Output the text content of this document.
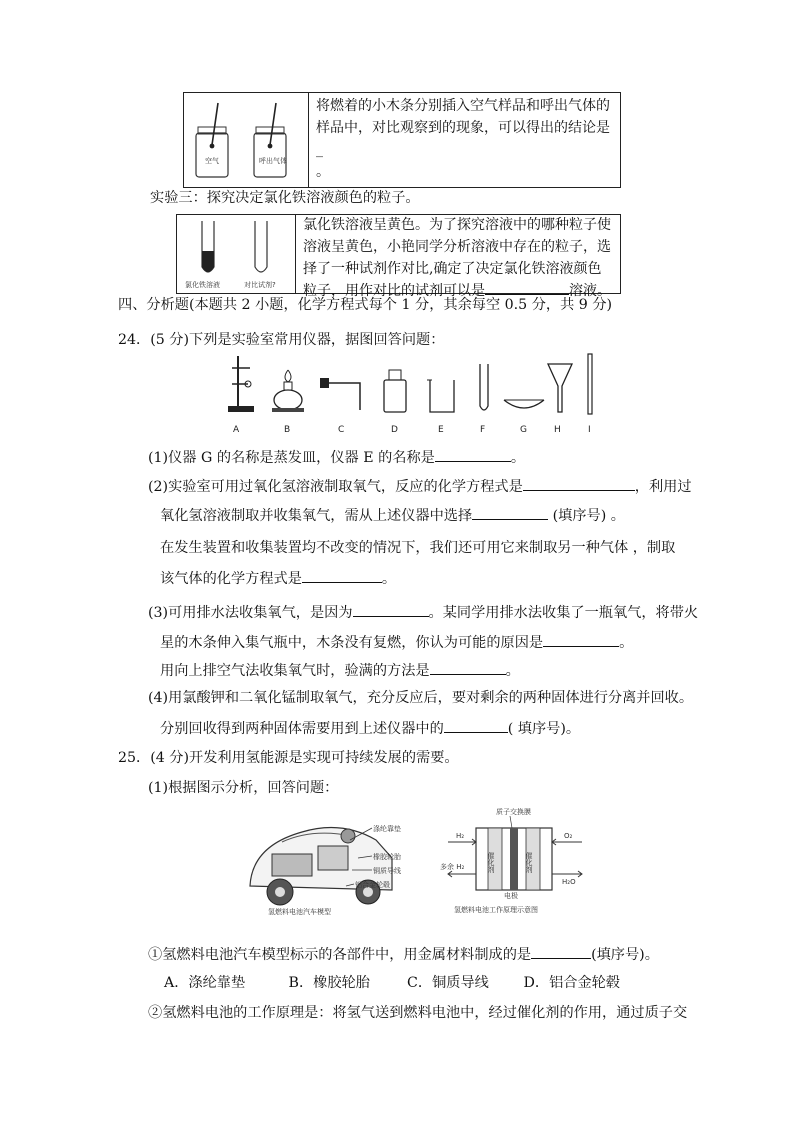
空气	呼出气体
将燃着的小木条分别插入空气样品和呼出气体的
样品中，对比观察到的现象，可以得出的结论是_
。
实验三：探究决定氯化铁溶液颜色的粒子。
氯化铁溶液	对比试剂?
氯化铁溶液呈黄色。为了探究溶液中的哪种粒子使
溶液呈黄色，小艳同学分析溶液中存在的粒子，选
择了一种试剂作对比,确定了决定氯化铁溶液颜色
粒子，用作对比的试剂可以是	溶液。
四、分析题(本题共 2 小题，化学方程式每个 1 分，其余每空 0.5 分，共 9 分)
24．(5 分)下列是实验室常用仪器，据图回答问题：
A	B	C	D	E	F	G	H	I
(1)仪器 G 的名称是蒸发皿，仪器 E 的名称是	。
(2)实验室可用过氧化氢溶液制取氧气，反应的化学方程式是	，利用过
氧化氢溶液制取并收集氧气，需从上述仪器中选择	(填序号) 。
在发生装置和收集装置均不改变的情况下，我们还可用它来制取另一种气体 ，制取
该气体的化学方程式是	。
(3)可用排水法收集氧气，是因为	。某同学用排水法收集了一瓶氧气，将带火
星的木条伸入集气瓶中，木条没有复燃，你认为可能的原因是	。
用向上排空气法收集氧气时，验满的方法是	。
(4)用氯酸钾和二氧化锰制取氧气，充分反应后，要对剩余的两种固体进行分离并回收。
分别回收得到两种固体需要用到上述仪器中的	( 填序号)。
25．(4 分)开发利用氢能源是实现可持续发展的需要。
(1)根据图示分析，回答问题：
涤纶靠垫
橡胶轮胎
铜质导线
铝合金轮毂
氢燃料电池汽车模型
质子交换膜
催化剂	催化剂
H₂	O₂
多余 H₂
H₂O
电极
氢燃料电池工作原理示意图
①氢燃料电池汽车模型标示的各部件中，用金属材料制成的是	(填序号)。
A．涤纶靠垫	B．橡胶轮胎	C．铜质导线 D．铝合金轮毂
②氢燃料电池的工作原理是：将氢气送到燃料电池中，经过催化剂的作用，通过质子交
